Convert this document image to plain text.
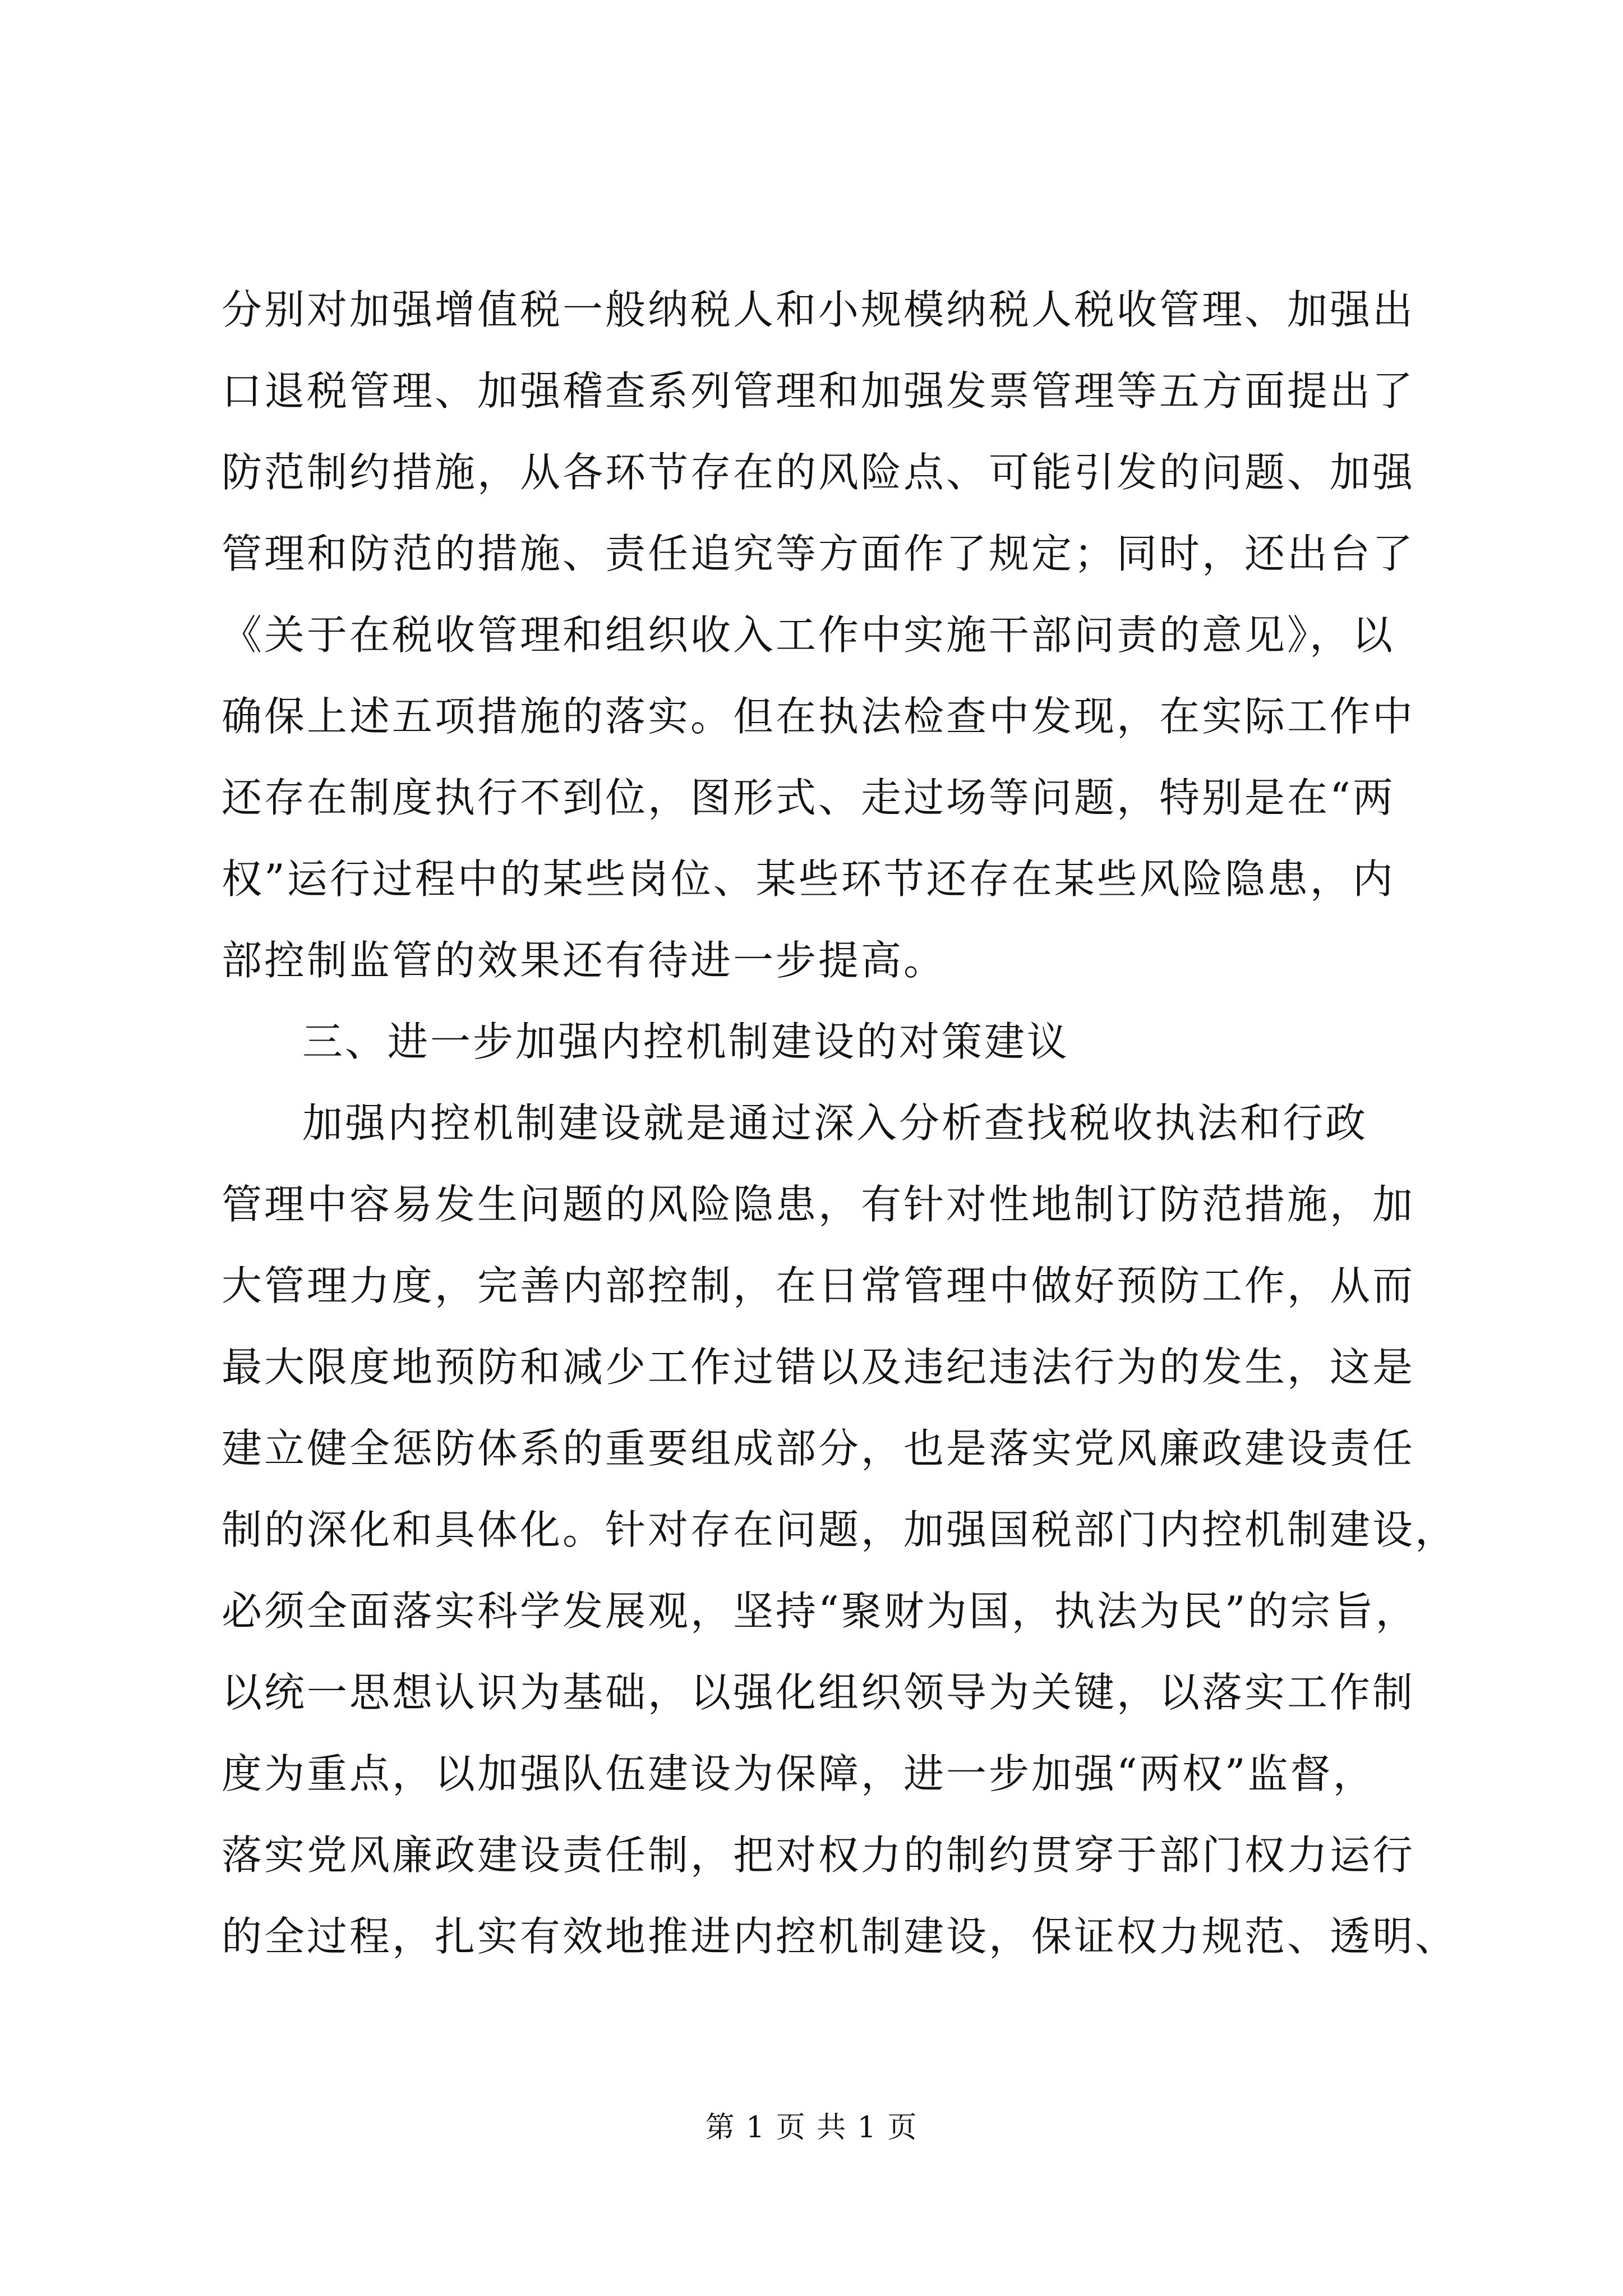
分别对加强增值税一般纳税人和小规模纳税人税收管理、加强出
口退税管理、加强稽查系列管理和加强发票管理等五方面提出了
防范制约措施，从各环节存在的风险点、可能引发的问题、加强
管理和防范的措施、责任追究等方面作了规定；同时，还出台了
《关于在税收管理和组织收入工作中实施干部问责的意见》，以
确保上述五项措施的落实。但在执法检查中发现，在实际工作中
还存在制度执行不到位，图形式、走过场等问题，特别是在“两
权”运行过程中的某些岗位、某些环节还存在某些风险隐患，内
部控制监管的效果还有待进一步提高。
三、进一步加强内控机制建设的对策建议
加强内控机制建设就是通过深入分析查找税收执法和行政
管理中容易发生问题的风险隐患，有针对性地制订防范措施，加
大管理力度，完善内部控制，在日常管理中做好预防工作，从而
最大限度地预防和减少工作过错以及违纪违法行为的发生，这是
建立健全惩防体系的重要组成部分，也是落实党风廉政建设责任
制的深化和具体化。针对存在问题，加强国税部门内控机制建设，
必须全面落实科学发展观，坚持“聚财为国，执法为民”的宗旨，
以统一思想认识为基础，以强化组织领导为关键，以落实工作制
度为重点，以加强队伍建设为保障，进一步加强“两权”监督，
落实党风廉政建设责任制，把对权力的制约贯穿于部门权力运行
的全过程，扎实有效地推进内控机制建设，保证权力规范、透明、
第 1 页 共 1 页
